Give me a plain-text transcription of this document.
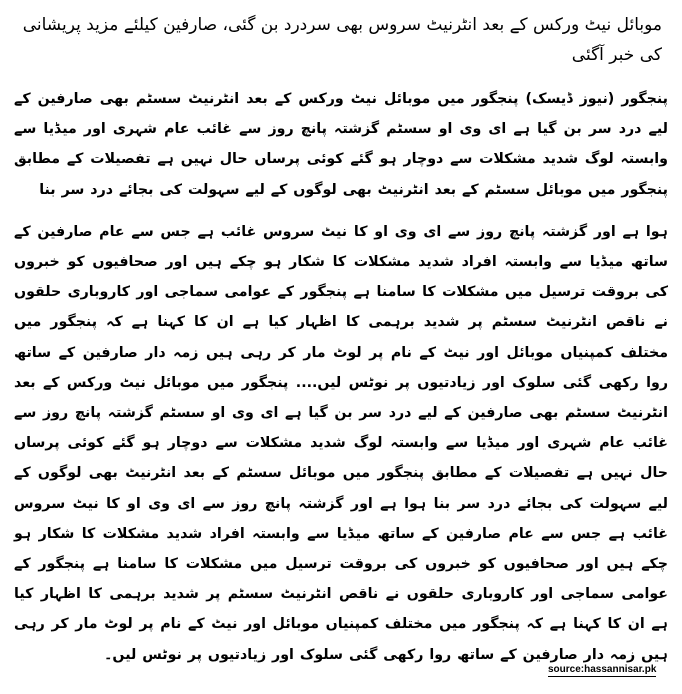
موبائل نیٹ ورکس کے بعد انٹرنیٹ سروس بھی سردرد بن گئی، صارفین کیلئے مزید پریشانی کی خبر آگئی

پنجگور (نیوز ڈیسک) پنجگور میں موبائل نیٹ ورکس کے بعد انٹرنیٹ سسٹم بھی صارفین کے لیے درد سر بن گیا ہے ای وی او سسٹم گزشتہ پانچ روز سے غائب عام شہری اور میڈیا سے وابستہ لوگ شدید مشکلات سے دوچار ہو گئے کوئی پرساں حال نہیں ہے تفصیلات کے مطابق پنجگور میں موبائل سسٹم کے بعد انٹرنیٹ بھی لوگوں کے لیے سہولت کی بجائے درد سر بنا

ہوا ہے اور گزشتہ پانچ روز سے ای وی او کا نیٹ سروس غائب ہے جس سے عام صارفین کے ساتھ میڈیا سے وابستہ افراد شدید مشکلات کا شکار ہو چکے ہیں اور صحافیوں کو خبروں کی بروقت ترسیل میں مشکلات کا سامنا ہے پنجگور کے عوامی سماجی اور کاروباری حلقوں نے ناقص انٹرنیٹ سسٹم پر شدید برہمی کا اظہار کیا ہے ان کا کہنا ہے کہ پنجگور میں مختلف کمپنیاں موبائل اور نیٹ کے نام پر لوٹ مار کر رہی ہیں زمہ دار صارفین کے ساتھ روا رکھی گئی سلوک اور زیادتیوں پر نوٹس لیں.... پنجگور میں موبائل نیٹ ورکس کے بعد انٹرنیٹ سسٹم بھی صارفین کے لیے درد سر بن گیا ہے ای وی او سسٹم گزشتہ پانچ روز سے غائب عام شہری اور میڈیا سے وابستہ لوگ شدید مشکلات سے دوچار ہو گئے کوئی پرساں حال نہیں ہے تفصیلات کے مطابق پنجگور میں موبائل سسٹم کے بعد انٹرنیٹ بھی لوگوں کے لیے سہولت کی بجائے درد سر بنا ہوا ہے اور گزشتہ پانچ روز سے ای وی او کا نیٹ سروس غائب ہے جس سے عام صارفین کے ساتھ میڈیا سے وابستہ افراد شدید مشکلات کا شکار ہو چکے ہیں اور صحافیوں کو خبروں کی بروقت ترسیل میں مشکلات کا سامنا ہے پنجگور کے عوامی سماجی اور کاروباری حلقوں نے ناقص انٹرنیٹ سسٹم پر شدید برہمی کا اظہار کیا ہے ان کا کہنا ہے کہ پنجگور میں مختلف کمپنیاں موبائل اور نیٹ کے نام پر لوٹ مار کر رہی ہیں زمہ دار صارفین کے ساتھ روا رکھی گئی سلوک اور زیادتیوں پر نوٹس لیں۔

source:hassannisar.pk
